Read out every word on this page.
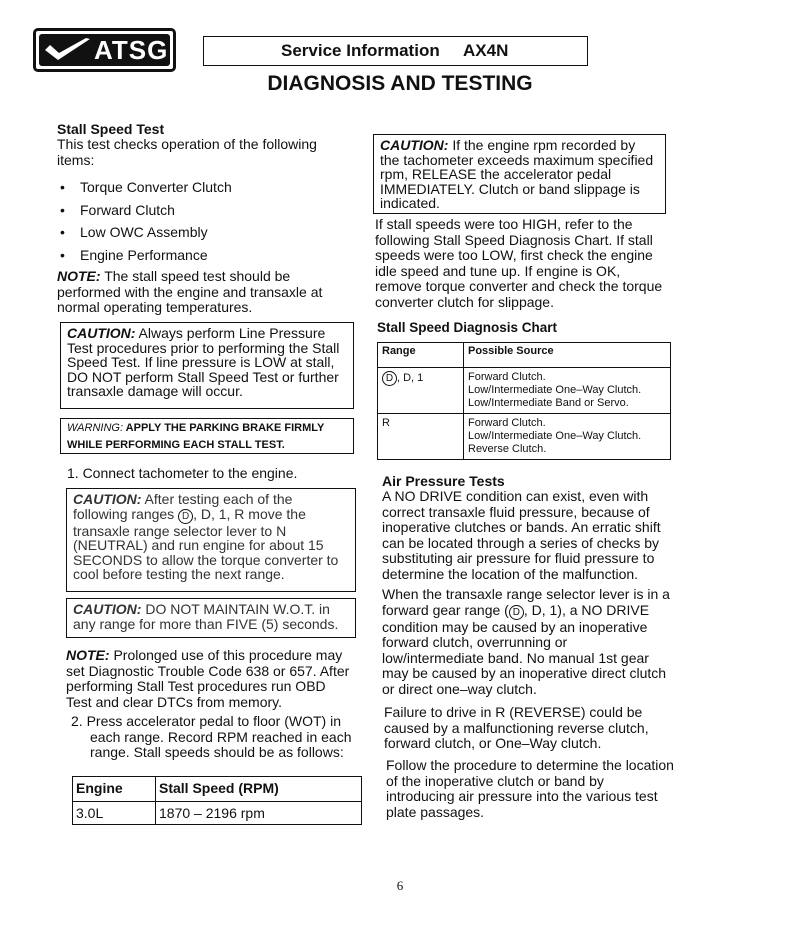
ATSG	Service Information AX4N
DIAGNOSIS AND TESTING
Stall Speed Test
This test checks operation of the following
items:
• Torque Converter Clutch
• Forward Clutch
• Low OWC Assembly
• Engine Performance
NOTE: The stall speed test should be
performed with the engine and transaxle at
normal operating temperatures.
CAUTION: Always perform Line Pressure
Test procedures prior to performing the Stall
Speed Test. If line pressure is LOW at stall,
DO NOT perform Stall Speed Test or further
transaxle damage will occur.
WARNING: APPLY THE PARKING BRAKE FIRMLY
WHILE PERFORMING EACH STALL TEST.
1. Connect tachometer to the engine.
CAUTION: After testing each of the
following ranges D , D, 1, R move the
transaxle range selector lever to N
(NEUTRAL) and run engine for about 15
SECONDS to allow the torque converter to
cool before testing the next range.
CAUTION: DO NOT MAINTAIN W.O.T. in
any range for more than FIVE (5) seconds.
NOTE: Prolonged use of this procedure may
set Diagnostic Trouble Code 638 or 657. After
performing Stall Test procedures run OBD
Test and clear DTCs from memory.
2. Press accelerator pedal to floor (WOT) in
each range. Record RPM reached in each
range. Stall speeds should be as follows:
Engine	Stall Speed (RPM)
3.0L	1870 – 2196 rpm
CAUTION: If the engine rpm recorded by
the tachometer exceeds maximum specified
rpm, RELEASE the accelerator pedal
IMMEDIATELY. Clutch or band slippage is
indicated.
If stall speeds were too HIGH, refer to the
following Stall Speed Diagnosis Chart. If stall
speeds were too LOW, first check the engine
idle speed and tune up. If engine is OK,
remove torque converter and check the torque
converter clutch for slippage.
Stall Speed Diagnosis Chart
Range	Possible Source
D , D, 1	Forward Clutch.
Low/Intermediate One–Way Clutch.
Low/Intermediate Band or Servo.

R	Forward Clutch.
Low/Intermediate One–Way Clutch.
Reverse Clutch.
Air Pressure Tests
A NO DRIVE condition can exist, even with
correct transaxle fluid pressure, because of
inoperative clutches or bands. An erratic shift
can be located through a series of checks by
substituting air pressure for fluid pressure to
determine the location of the malfunction.
When the transaxle range selector lever is in a
forward gear range ( D , D, 1), a NO DRIVE
condition may be caused by an inoperative
forward clutch, overrunning or
low/intermediate band. No manual 1st gear
may be caused by an inoperative direct clutch
or direct one–way clutch.
Failure to drive in R (REVERSE) could be
caused by a malfunctioning reverse clutch,
forward clutch, or One–Way clutch.
Follow the procedure to determine the location
of the inoperative clutch or band by
introducing air pressure into the various test
plate passages.
6
